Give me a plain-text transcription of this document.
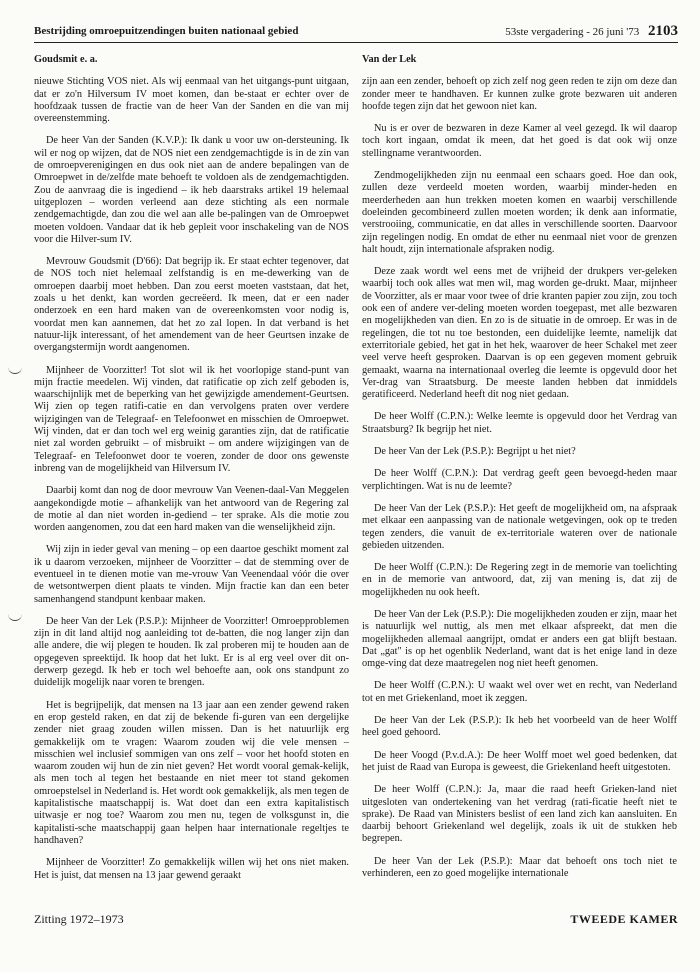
Bestrijding omroepuitzendingen buiten nationaal gebied	53ste vergadering - 26 juni '73 2103

Goudsmit e. a.

nieuwe Stichting VOS niet. Als wij eenmaal van het uitgangs-punt uitgaan, dat er zo'n Hilversum IV moet komen, dan be-staat er echter over de hoofdzaak tussen de fractie van de heer Van der Sanden en die van mij overeenstemming.

De heer Van der Sanden (K.V.P.): Ik dank u voor uw on-dersteuning. Ik wil er nog op wijzen, dat de NOS niet een zendgemachtigde is in de zin van de omroepverenigingen en dus ook niet aan de andere bepalingen van de Omroepwet in de/zelfde mate behoeft te voldoen als de zendgemachtigden. Zou de aanvraag die is ingediend – ik heb daarstraks artikel 19 helemaal uitgeplozen – worden verleend aan deze stichting als een normale zendgemachtigde, dan zou die wel aan alle be-palingen van de Omroepwet moeten voldoen. Vandaar dat ik heb gepleit voor inschakeling van de NOS voor die Hilver-sum IV.

Mevrouw Goudsmit (D'66): Dat begrijp ik. Er staat echter tegenover, dat de NOS toch niet helemaal zelfstandig is en me-dewerking van de omroepen daarbij moet hebben. Dan zou eerst moeten vaststaan, dat het, zoals u het denkt, kan worden gecreëerd. Ik meen, dat er een nader onderzoek en een hard maken van de overeenkomsten voor nodig is, voordat men kan aannemen, dat het zo zal lopen. In dat verband is het natuur-lijk interessant, of het amendement van de heer Geurtsen inzake de overgangstermijn wordt aangenomen.

Mijnheer de Voorzitter! Tot slot wil ik het voorlopige stand-punt van mijn fractie meedelen. Wij vinden, dat ratificatie op zich zelf geboden is, waarschijnlijk met de beperking van het gewijzigde amendement-Geurtsen. Wij zien op tegen ratifi-catie en dan vervolgens praten over verdere wijzigingen van de Telegraaf- en Telefoonwet en misschien de Omroepwet. Wij vinden, dat er dan toch wel erg weinig garanties zijn, dat de ratificatie niet zal worden gebruikt – of misbruikt – om andere wijzigingen van de Telegraaf- en Telefoonwet door te voeren, zonder de door ons gewenste inbreng van de mogelijkheid van Hilversum IV.

Daarbij komt dan nog de door mevrouw Van Veenen-daal-Van Meggelen aangekondigde motie – afhankelijk van het antwoord van de Regering zal de motie al dan niet worden in-gediend – ter sprake. Als die motie zou worden aangenomen, zou dat een hard maken van die wenselijkheid zijn.

Wij zijn in ieder geval van mening – op een daartoe geschikt moment zal ik u daarom verzoeken, mijnheer de Voorzitter – dat de stemming over de eventueel in te dienen motie van me-vrouw Van Veenendaal vóór die over de wetsontwerpen dient plaats te vinden. Mijn fractie kan dan een beter samenhangend standpunt kenbaar maken.

De heer Van der Lek (P.S.P.): Mijnheer de Voorzitter! Omroepproblemen zijn in dit land altijd nog aanleiding tot de-batten, die nog langer zijn dan alle andere, die wij plegen te houden. Ik zal proberen mij te houden aan de opgegeven spreektijd. Ik hoop dat het lukt. Er is al erg veel over dit on-derwerp gezegd. Ik heb er toch wel behoefte aan, ook ons standpunt zo duidelijk mogelijk naar voren te brengen.

Het is begrijpelijk, dat mensen na 13 jaar aan een zender gewend raken en erop gesteld raken, en dat zij de bekende fi-guren van een dergelijke zender niet graag zouden willen missen. Dan is het natuurlijk erg gemakkelijk om te vragen: Waarom zouden wij die vele mensen – misschien wel inclusief sommigen van ons zelf – voor het hoofd stoten en waarom zouden wij hun de zin niet geven? Het wordt vooral gemak-kelijk, als men toch al tegen het bestaande en niet meer tot stand gekomen omroepstelsel in Nederland is. Het wordt ook gemakkelijk, als men tegen de kapitalistische maatschappij is. Wat doet dan een extra kapitalistisch uitwasje er nog toe? Waarom zou men nu, tegen de volksgunst in, die kapitalisti-sche maatschappij gaan helpen haar internationale regeltjes te handhaven?

Mijnheer de Voorzitter! Zo gemakkelijk willen wij het ons niet maken. Het is juist, dat mensen na 13 jaar gewend geraakt

Van der Lek

zijn aan een zender, behoeft op zich zelf nog geen reden te zijn om deze dan zonder meer te handhaven. Er kunnen zulke grote bezwaren uit anderen hoofde tegen zijn dat het gewoon niet kan.

Nu is er over de bezwaren in deze Kamer al veel gezegd. Ik wil daarop toch kort ingaan, omdat ik meen, dat het goed is dat ook wij onze stellingname verantwoorden.

Zendmogelijkheden zijn nu eenmaal een schaars goed. Hoe dan ook, zullen deze verdeeld moeten worden, waarbij minder-heden en meerderheden aan hun trekken moeten komen en waarbij verschillende doeleinden gecombineerd zullen moeten worden; ik denk aan informatie, verstrooiing, communicatie, en dat alles in verschillende soorten. Daarvoor zijn regelingen nodig. En omdat de ether nu eenmaal niet voor de grenzen halt houdt, zijn internationale afspraken nodig.

Deze zaak wordt wel eens met de vrijheid der drukpers ver-geleken waarbij toch ook alles wat men wil, mag worden ge-drukt. Maar, mijnheer de Voorzitter, als er maar voor twee of drie kranten papier zou zijn, zou toch ook een of andere ver-deling moeten worden toegepast, met alle bezwaren en mogelijkheden van dien. En zo is de situatie in de omroep. Er was in de regelingen, die tot nu toe bestonden, een duidelijke leemte, namelijk dat exterritoriale gebied, het gat in het hek, waarover de heer Schakel met zeer veel verve heeft gesproken. Daarvan is op een gegeven moment gebruik gemaakt, waarna na internationaal overleg die leemte is opgevuld door het Ver-drag van Straatsburg. De meeste landen hebben dat inmiddels geratificeerd. Nederland heeft dit nog niet gedaan.

De heer Wolff (C.P.N.): Welke leemte is opgevuld door het Verdrag van Straatsburg? Ik begrijp het niet.

De heer Van der Lek (P.S.P.): Begrijpt u het niet?

De heer Wolff (C.P.N.): Dat verdrag geeft geen bevoegd-heden maar verplichtingen. Wat is nu de leemte?

De heer Van der Lek (P.S.P.): Het geeft de mogelijkheid om, na afspraak met elkaar een aanpassing van de nationale wetgevingen, ook op te treden tegen zenders, die vanuit de ex-territoriale wateren over de nationale gebieden uitzenden.

De heer Wolff (C.P.N.): De Regering zegt in de memorie van toelichting en in de memorie van antwoord, dat, zij van mening is, dat zij de mogelijkheden nu ook heeft.

De heer Van der Lek (P.S.P.): Die mogelijkheden zouden er zijn, maar het is natuurlijk wel nuttig, als men met elkaar afspreekt, dat men die mogelijkheden allemaal aangrijpt, omdat er anders een gat blijft bestaan. Dat „gat" is op het ogenblik Nederland, want dat is het enige land in deze omge-ving dat deze maatregelen nog niet heeft genomen.

De heer Wolff (C.P.N.): U waakt wel over wet en recht, van Nederland tot en met Griekenland, moet ik zeggen.

De heer Van der Lek (P.S.P.): Ik heb het voorbeeld van de heer Wolff heel goed gehoord.

De heer Voogd (P.v.d.A.): De heer Wolff moet wel goed bedenken, dat het juist de Raad van Europa is geweest, die Griekenland heeft uitgestoten.

De heer Wolff (C.P.N.): Ja, maar die raad heeft Grieken-land niet uitgesloten van ondertekening van het verdrag (rati-ficatie heeft niet te sprake). De Raad van Ministers beslist of een land zich kan aansluiten. En daarbij behoort Griekenland wel degelijk, zoals ik uit de stukken heb begrepen.

De heer Van der Lek (P.S.P.): Maar dat behoeft ons toch niet te verhinderen, een zo goed mogelijke internationale

Zitting 1972–1973	TWEEDE KAMER
